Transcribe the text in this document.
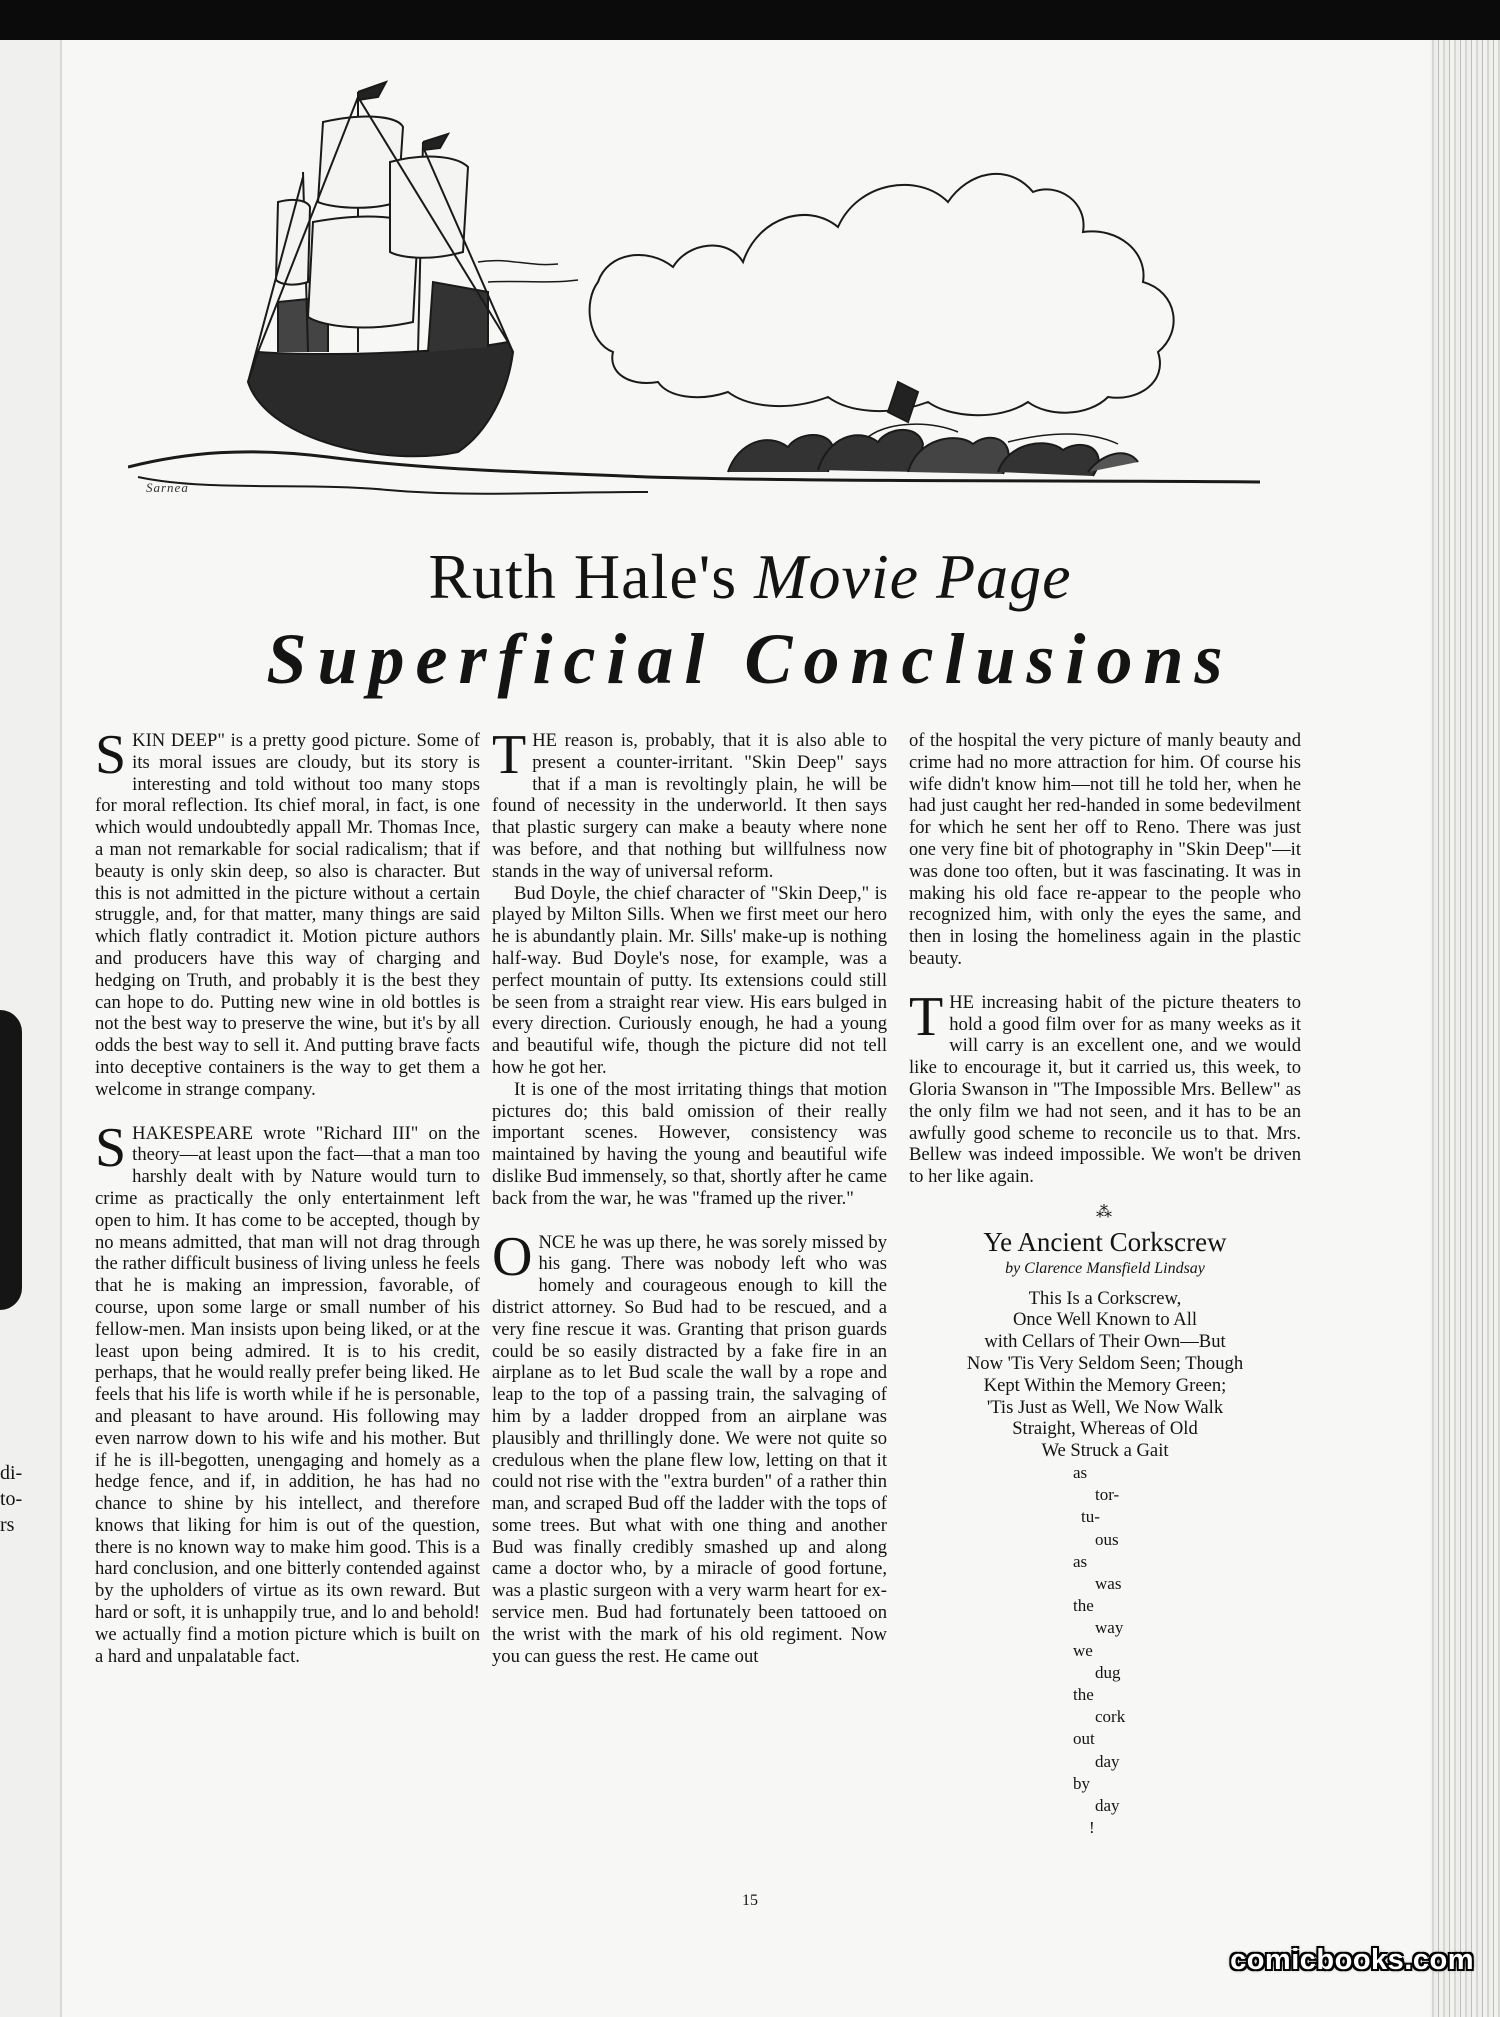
di-
to-
rs
Sarnea
Ruth Hale's Movie Page
Superficial Conclusions

SKIN DEEP" is a pretty good picture. Some of its moral issues are cloudy, but its story is interesting and told without too many stops for moral reflection. Its chief moral, in fact, is one which would undoubtedly appall Mr. Thomas Ince, a man not remarkable for social radicalism; that if beauty is only skin deep, so also is character. But this is not admitted in the picture without a certain struggle, and, for that matter, many things are said which flatly contradict it. Motion picture authors and producers have this way of charging and hedging on Truth, and probably it is the best they can hope to do. Putting new wine in old bottles is not the best way to preserve the wine, but it's by all odds the best way to sell it. And putting brave facts into deceptive containers is the way to get them a welcome in strange company.

SHAKESPEARE wrote "Richard III" on the theory—at least upon the fact—that a man too harshly dealt with by Nature would turn to crime as practically the only entertainment left open to him. It has come to be accepted, though by no means admitted, that man will not drag through the rather difficult business of living unless he feels that he is making an impression, favorable, of course, upon some large or small number of his fellow-men. Man insists upon being liked, or at the least upon being admired. It is to his credit, perhaps, that he would really prefer being liked. He feels that his life is worth while if he is personable, and pleasant to have around. His following may even narrow down to his wife and his mother. But if he is ill-begotten, unengaging and homely as a hedge fence, and if, in addition, he has had no chance to shine by his intellect, and therefore knows that liking for him is out of the question, there is no known way to make him good. This is a hard conclusion, and one bitterly contended against by the upholders of virtue as its own reward. But hard or soft, it is unhappily true, and lo and behold! we actually find a motion picture which is built on a hard and unpalatable fact.

THE reason is, probably, that it is also able to present a counter-irritant. "Skin Deep" says that if a man is revoltingly plain, he will be found of necessity in the underworld. It then says that plastic surgery can make a beauty where none was before, and that nothing but willfulness now stands in the way of universal reform.

Bud Doyle, the chief character of "Skin Deep," is played by Milton Sills. When we first meet our hero he is abundantly plain. Mr. Sills' make-up is nothing half-way. Bud Doyle's nose, for example, was a perfect mountain of putty. Its extensions could still be seen from a straight rear view. His ears bulged in every direction. Curiously enough, he had a young and beautiful wife, though the picture did not tell how he got her.

It is one of the most irritating things that motion pictures do; this bald omission of their really important scenes. However, consistency was maintained by having the young and beautiful wife dislike Bud immensely, so that, shortly after he came back from the war, he was "framed up the river."

ONCE he was up there, he was sorely missed by his gang. There was nobody left who was homely and courageous enough to kill the district attorney. So Bud had to be rescued, and a very fine rescue it was. Granting that prison guards could be so easily distracted by a fake fire in an airplane as to let Bud scale the wall by a rope and leap to the top of a passing train, the salvaging of him by a ladder dropped from an airplane was plausibly and thrillingly done. We were not quite so credulous when the plane flew low, letting on that it could not rise with the "extra burden" of a rather thin man, and scraped Bud off the ladder with the tops of some trees. But what with one thing and another Bud was finally credibly smashed up and along came a doctor who, by a miracle of good fortune, was a plastic surgeon with a very warm heart for ex-service men. Bud had fortunately been tattooed on the wrist with the mark of his old regiment. Now you can guess the rest. He came out

of the hospital the very picture of manly beauty and crime had no more attraction for him. Of course his wife didn't know him—not till he told her, when he had just caught her red-handed in some bedevilment for which he sent her off to Reno. There was just one very fine bit of photography in "Skin Deep"—it was done too often, but it was fascinating. It was in making his old face re-appear to the people who recognized him, with only the eyes the same, and then in losing the homeliness again in the plastic beauty.

THE increasing habit of the picture theaters to hold a good film over for as many weeks as it will carry is an excellent one, and we would like to encourage it, but it carried us, this week, to Gloria Swanson in "The Impossible Mrs. Bellew" as the only film we had not seen, and it has to be an awfully good scheme to reconcile us to that. Mrs. Bellew was indeed impossible. We won't be driven to her like again.

⁂
Ye Ancient Corkscrew
by Clarence Mansfield Lindsay
This Is a Corkscrew,
Once Well Known to All
with Cellars of Their Own—But
Now 'Tis Very Seldom Seen; Though
Kept Within the Memory Green;
'Tis Just as Well, We Now Walk
Straight, Whereas of Old
We Struck a Gait
as
tor-
tu-
ous
as
was
the
way
we
dug
the
cork
out
day
by
day
!
15
comicbooks.com
